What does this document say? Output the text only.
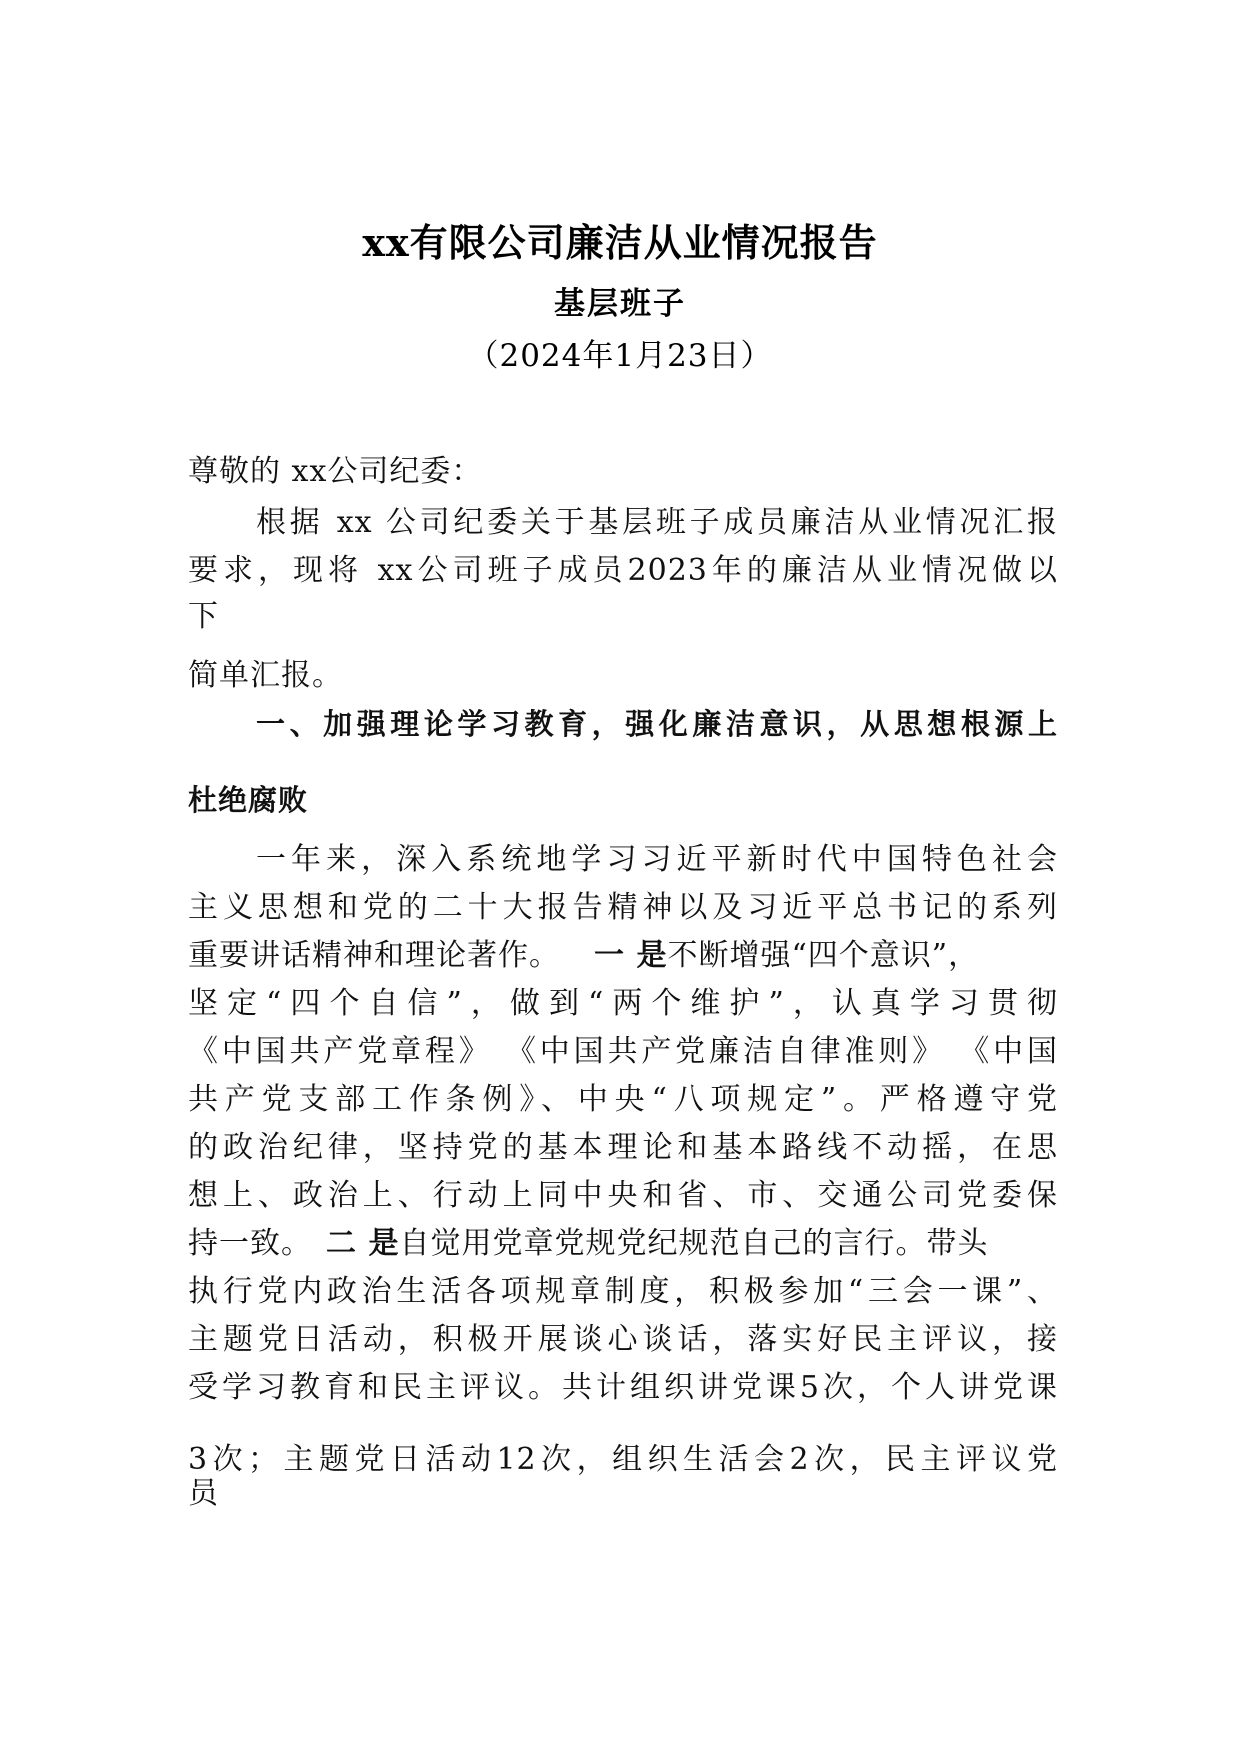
xx有限公司廉洁从业情况报告
基层班子
（2024年1月23日）
尊敬的 xx公司纪委：
根据 xx 公司纪委关于基层班子成员廉洁从业情况汇报
要求，现将 xx公司班子成员2023年的廉洁从业情况做以
下
简单汇报。
一、加强理论学习教育，强化廉洁意识，从思想根源上
杜绝腐败
一年来，深入系统地学习习近平新时代中国特色社会
主义思想和党的二十大报告精神以及习近平总书记的系列
重要讲话精神和理论著作。 一 是不断增强“四个意识”，
坚定“四个自信”，做到“两个维护”，认真学习贯彻
《中国共产党章程》 《中国共产党廉洁自律准则》 《中国
共产党支部工作条例》、中央“八项规定”。严格遵守党
的政治纪律，坚持党的基本理论和基本路线不动摇，在思
想上、政治上、行动上同中央和省、市、交通公司党委保
持一致。 二 是自觉用党章党规党纪规范自己的言行。带头
执行党内政治生活各项规章制度，积极参加“三会一课”、
主题党日活动，积极开展谈心谈话，落实好民主评议，接
受学习教育和民主评议。共计组织讲党课5次，个人讲党课
3次；主题党日活动12次，组织生活会2次，民主评议党
员
